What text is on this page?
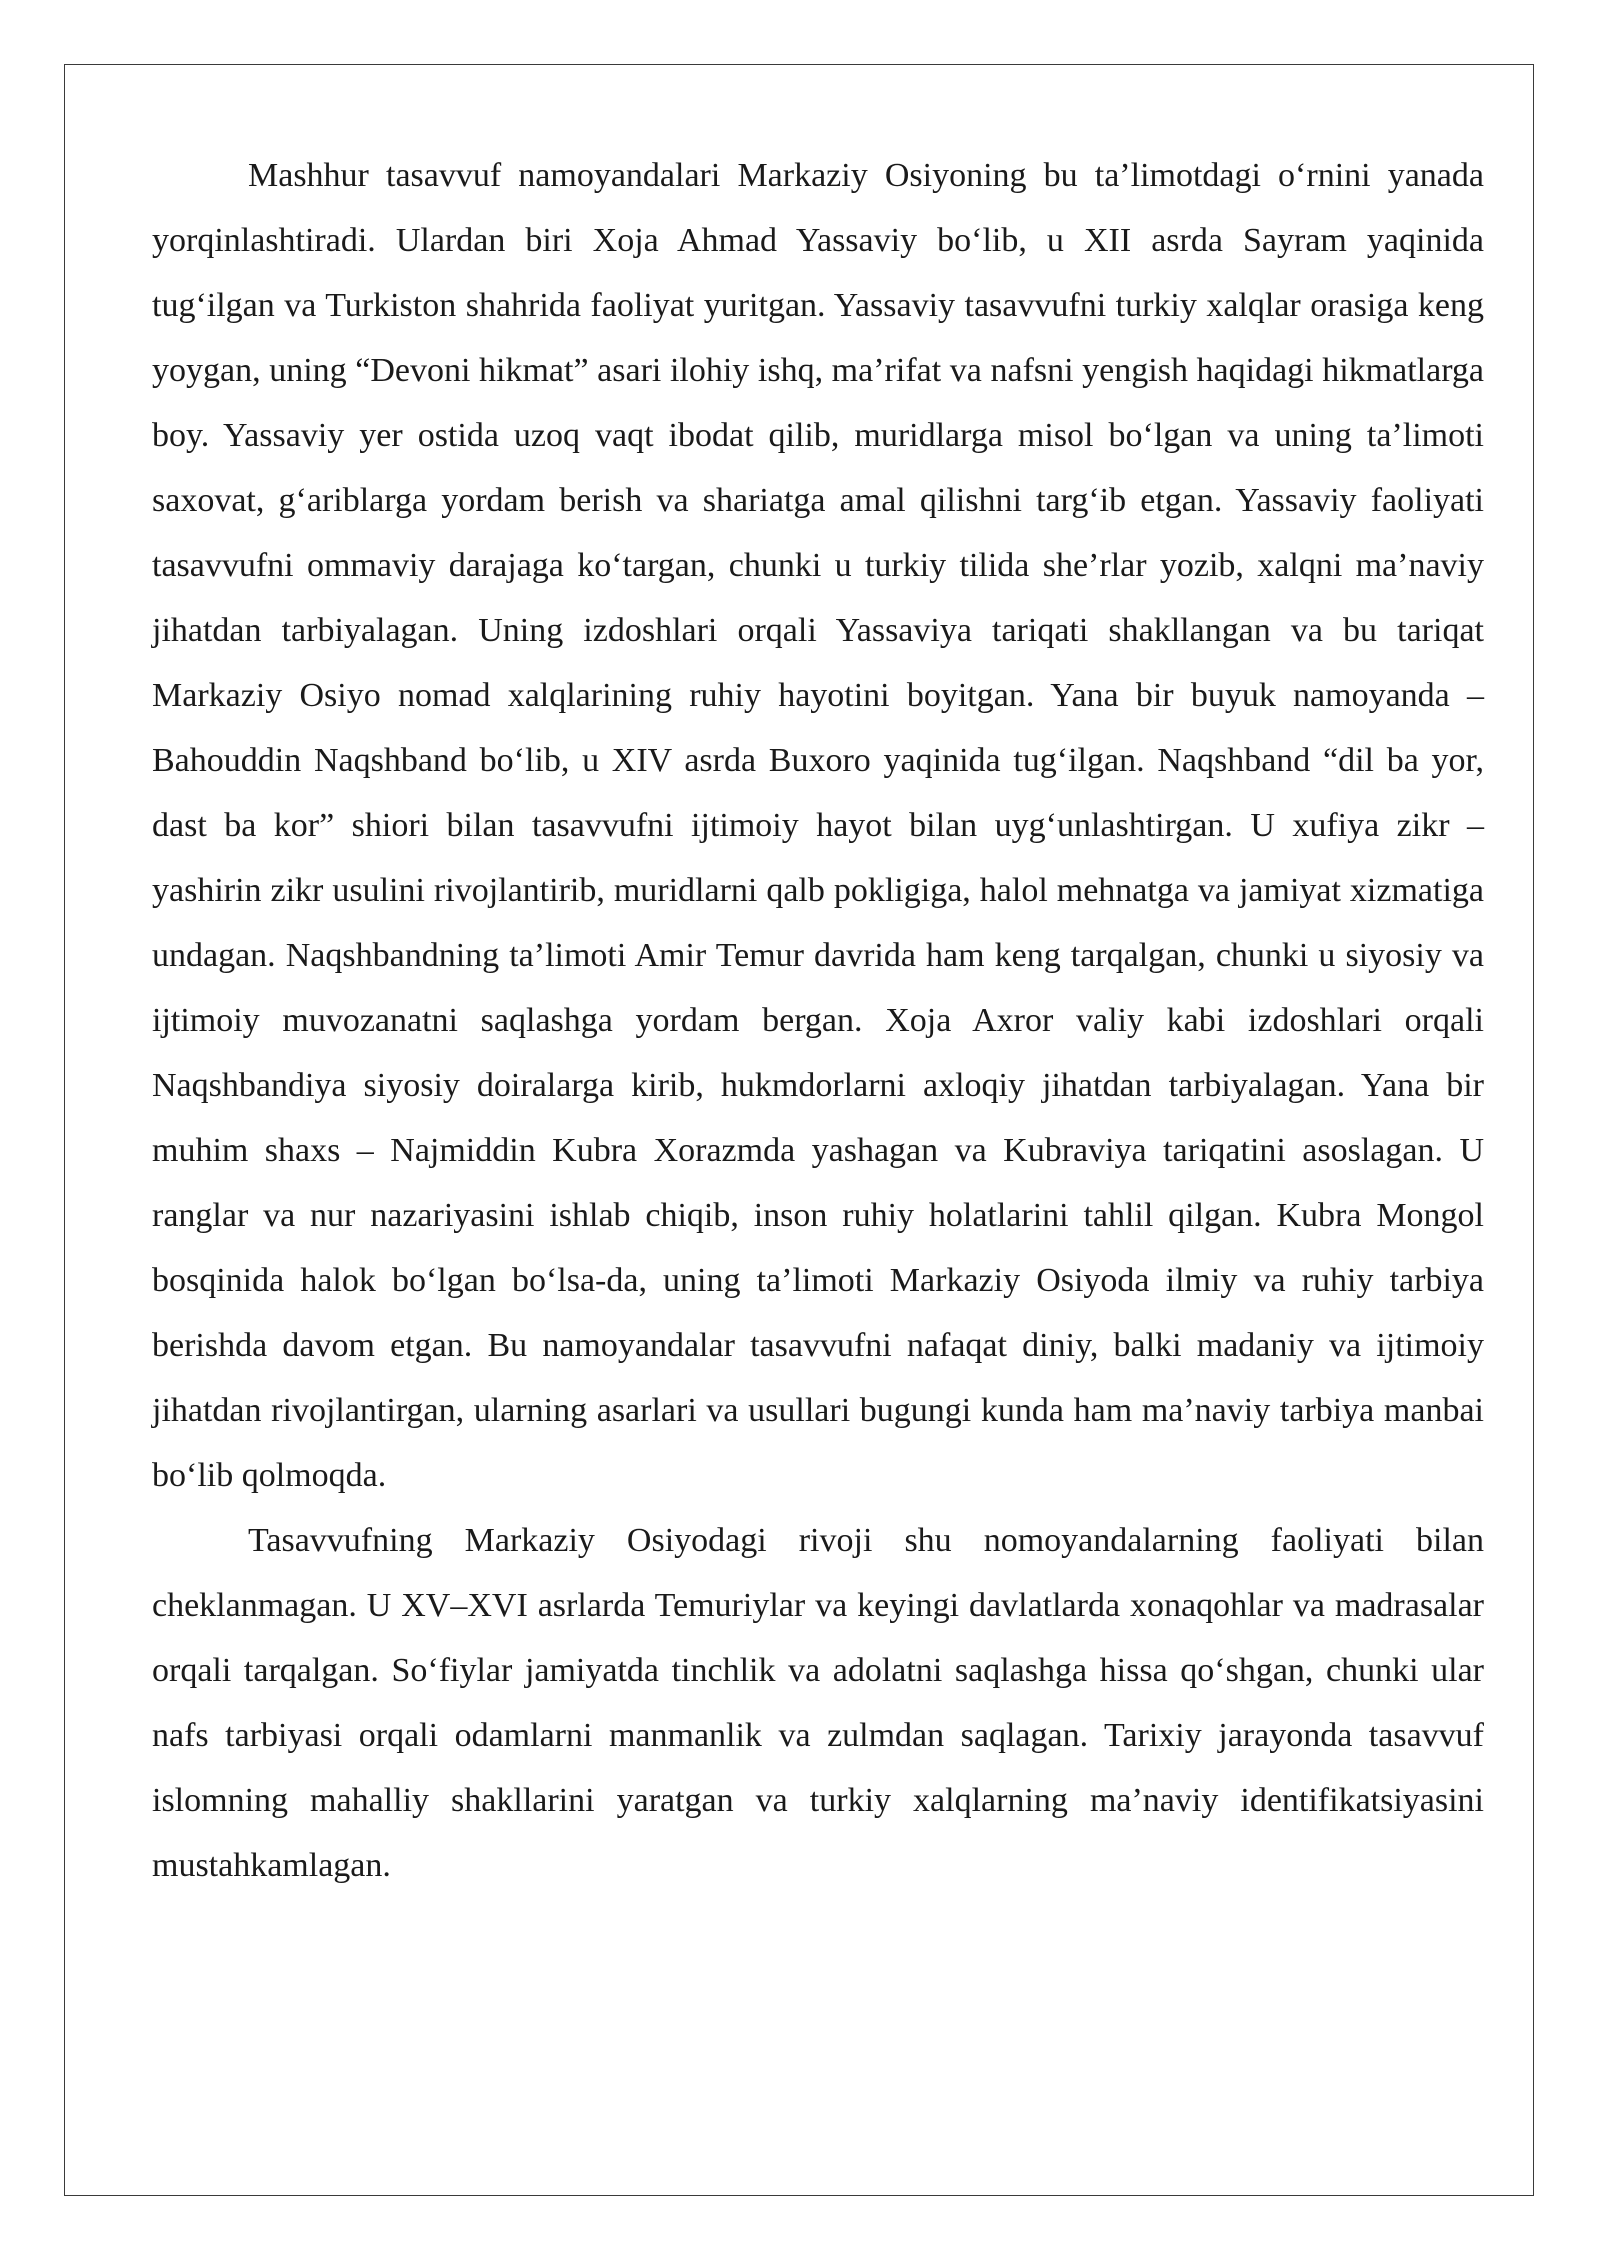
Mashhur tasavvuf namoyandalari Markaziy Osiyoning bu ta’limotdagi o‘rnini yanada yorqinlashtiradi. Ulardan biri Xoja Ahmad Yassaviy bo‘lib, u XII asrda Sayram yaqinida tug‘ilgan va Turkiston shahrida faoliyat yuritgan. Yassaviy tasavvufni turkiy xalqlar orasiga keng yoygan, uning “Devoni hikmat” asari ilohiy ishq, ma’rifat va nafsni yengish haqidagi hikmatlarga boy. Yassaviy yer ostida uzoq vaqt ibodat qilib, muridlarga misol bo‘lgan va uning ta’limoti saxovat, g‘ariblarga yordam berish va shariatga amal qilishni targ‘ib etgan. Yassaviy faoliyati tasavvufni ommaviy darajaga ko‘targan, chunki u turkiy tilida she’rlar yozib, xalqni ma’naviy jihatdan tarbiyalagan. Uning izdoshlari orqali Yassaviya tariqati shakllangan va bu tariqat Markaziy Osiyo nomad xalqlarining ruhiy hayotini boyitgan. Yana bir buyuk namoyanda – Bahouddin Naqshband bo‘lib, u XIV asrda Buxoro yaqinida tug‘ilgan. Naqshband “dil ba yor, dast ba kor” shiori bilan tasavvufni ijtimoiy hayot bilan uyg‘unlashtirgan. U xufiya zikr – yashirin zikr usulini rivojlantirib, muridlarni qalb pokligiga, halol mehnatga va jamiyat xizmatiga undagan. Naqshbandning ta’limoti Amir Temur davrida ham keng tarqalgan, chunki u siyosiy va ijtimoiy muvozanatni saqlashga yordam bergan. Xoja Axror valiy kabi izdoshlari orqali Naqshbandiya siyosiy doiralarga kirib, hukmdorlarni axloqiy jihatdan tarbiyalagan. Yana bir muhim shaxs – Najmiddin Kubra Xorazmda yashagan va Kubraviya tariqatini asoslagan. U ranglar va nur nazariyasini ishlab chiqib, inson ruhiy holatlarini tahlil qilgan. Kubra Mongol bosqinida halok bo‘lgan bo‘lsa-da, uning ta’limoti Markaziy Osiyoda ilmiy va ruhiy tarbiya berishda davom etgan. Bu namoyandalar tasavvufni nafaqat diniy, balki madaniy va ijtimoiy jihatdan rivojlantirgan, ularning asarlari va usullari bugungi kunda ham ma’naviy tarbiya manbai bo‘lib qolmoqda.

Tasavvufning Markaziy Osiyodagi rivoji shu nomoyandalarning faoliyati bilan cheklanmagan. U XV–XVI asrlarda Temuriylar va keyingi davlatlarda xonaqohlar va madrasalar orqali tarqalgan. So‘fiylar jamiyatda tinchlik va adolatni saqlashga hissa qo‘shgan, chunki ular nafs tarbiyasi orqali odamlarni manmanlik va zulmdan saqlagan. Tarixiy jarayonda tasavvuf islomning mahalliy shakllarini yaratgan va turkiy xalqlarning ma’naviy identifikatsiyasini mustahkamlagan.
